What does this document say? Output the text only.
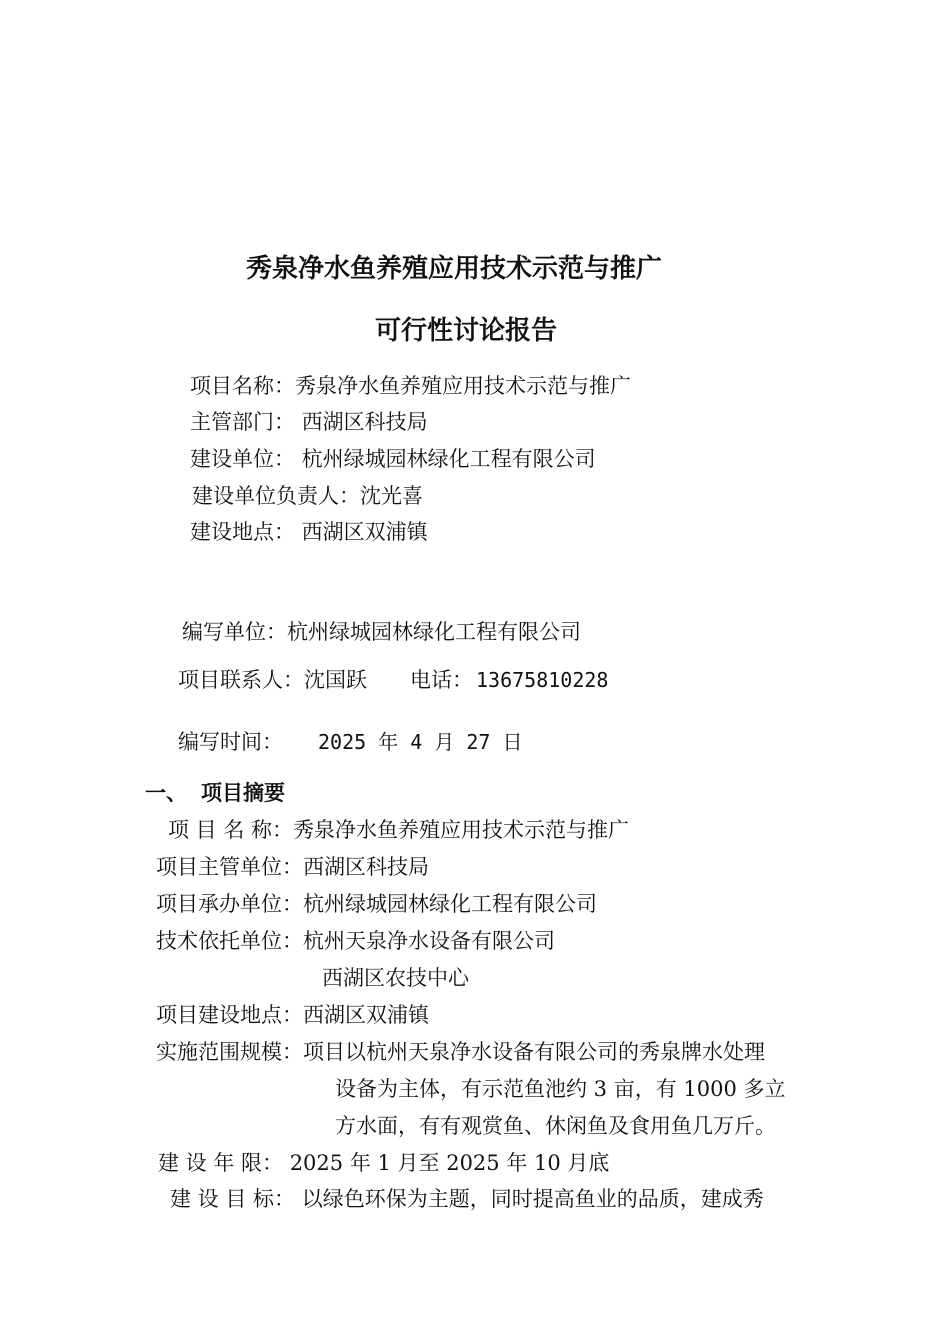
秀泉净水鱼养殖应用技术示范与推广
可行性讨论报告
项目名称：秀泉净水鱼养殖应用技术示范与推广
主管部门： 西湖区科技局
建设单位： 杭州绿城园林绿化工程有限公司
建设单位负责人：沈光喜
建设地点： 西湖区双浦镇
编写单位：杭州绿城园林绿化工程有限公司
项目联系人：沈国跃 电话： 13675810228
编写时间： 2025 年 4 月 27 日
一、 项目摘要
项 目 名 称：秀泉净水鱼养殖应用技术示范与推广
项目主管单位：西湖区科技局
项目承办单位：杭州绿城园林绿化工程有限公司
技术依托单位：杭州天泉净水设备有限公司
西湖区农技中心
项目建设地点：西湖区双浦镇
实施范围规模：项目以杭州天泉净水设备有限公司的秀泉牌水处理
设备为主体，有示范鱼池约 3 亩，有 1000 多立
方水面，有有观赏鱼、休闲鱼及食用鱼几万斤。
建 设 年 限： 2025 年 1 月至 2025 年 10 月底
建 设 目 标： 以绿色环保为主题，同时提高鱼业的品质，建成秀
